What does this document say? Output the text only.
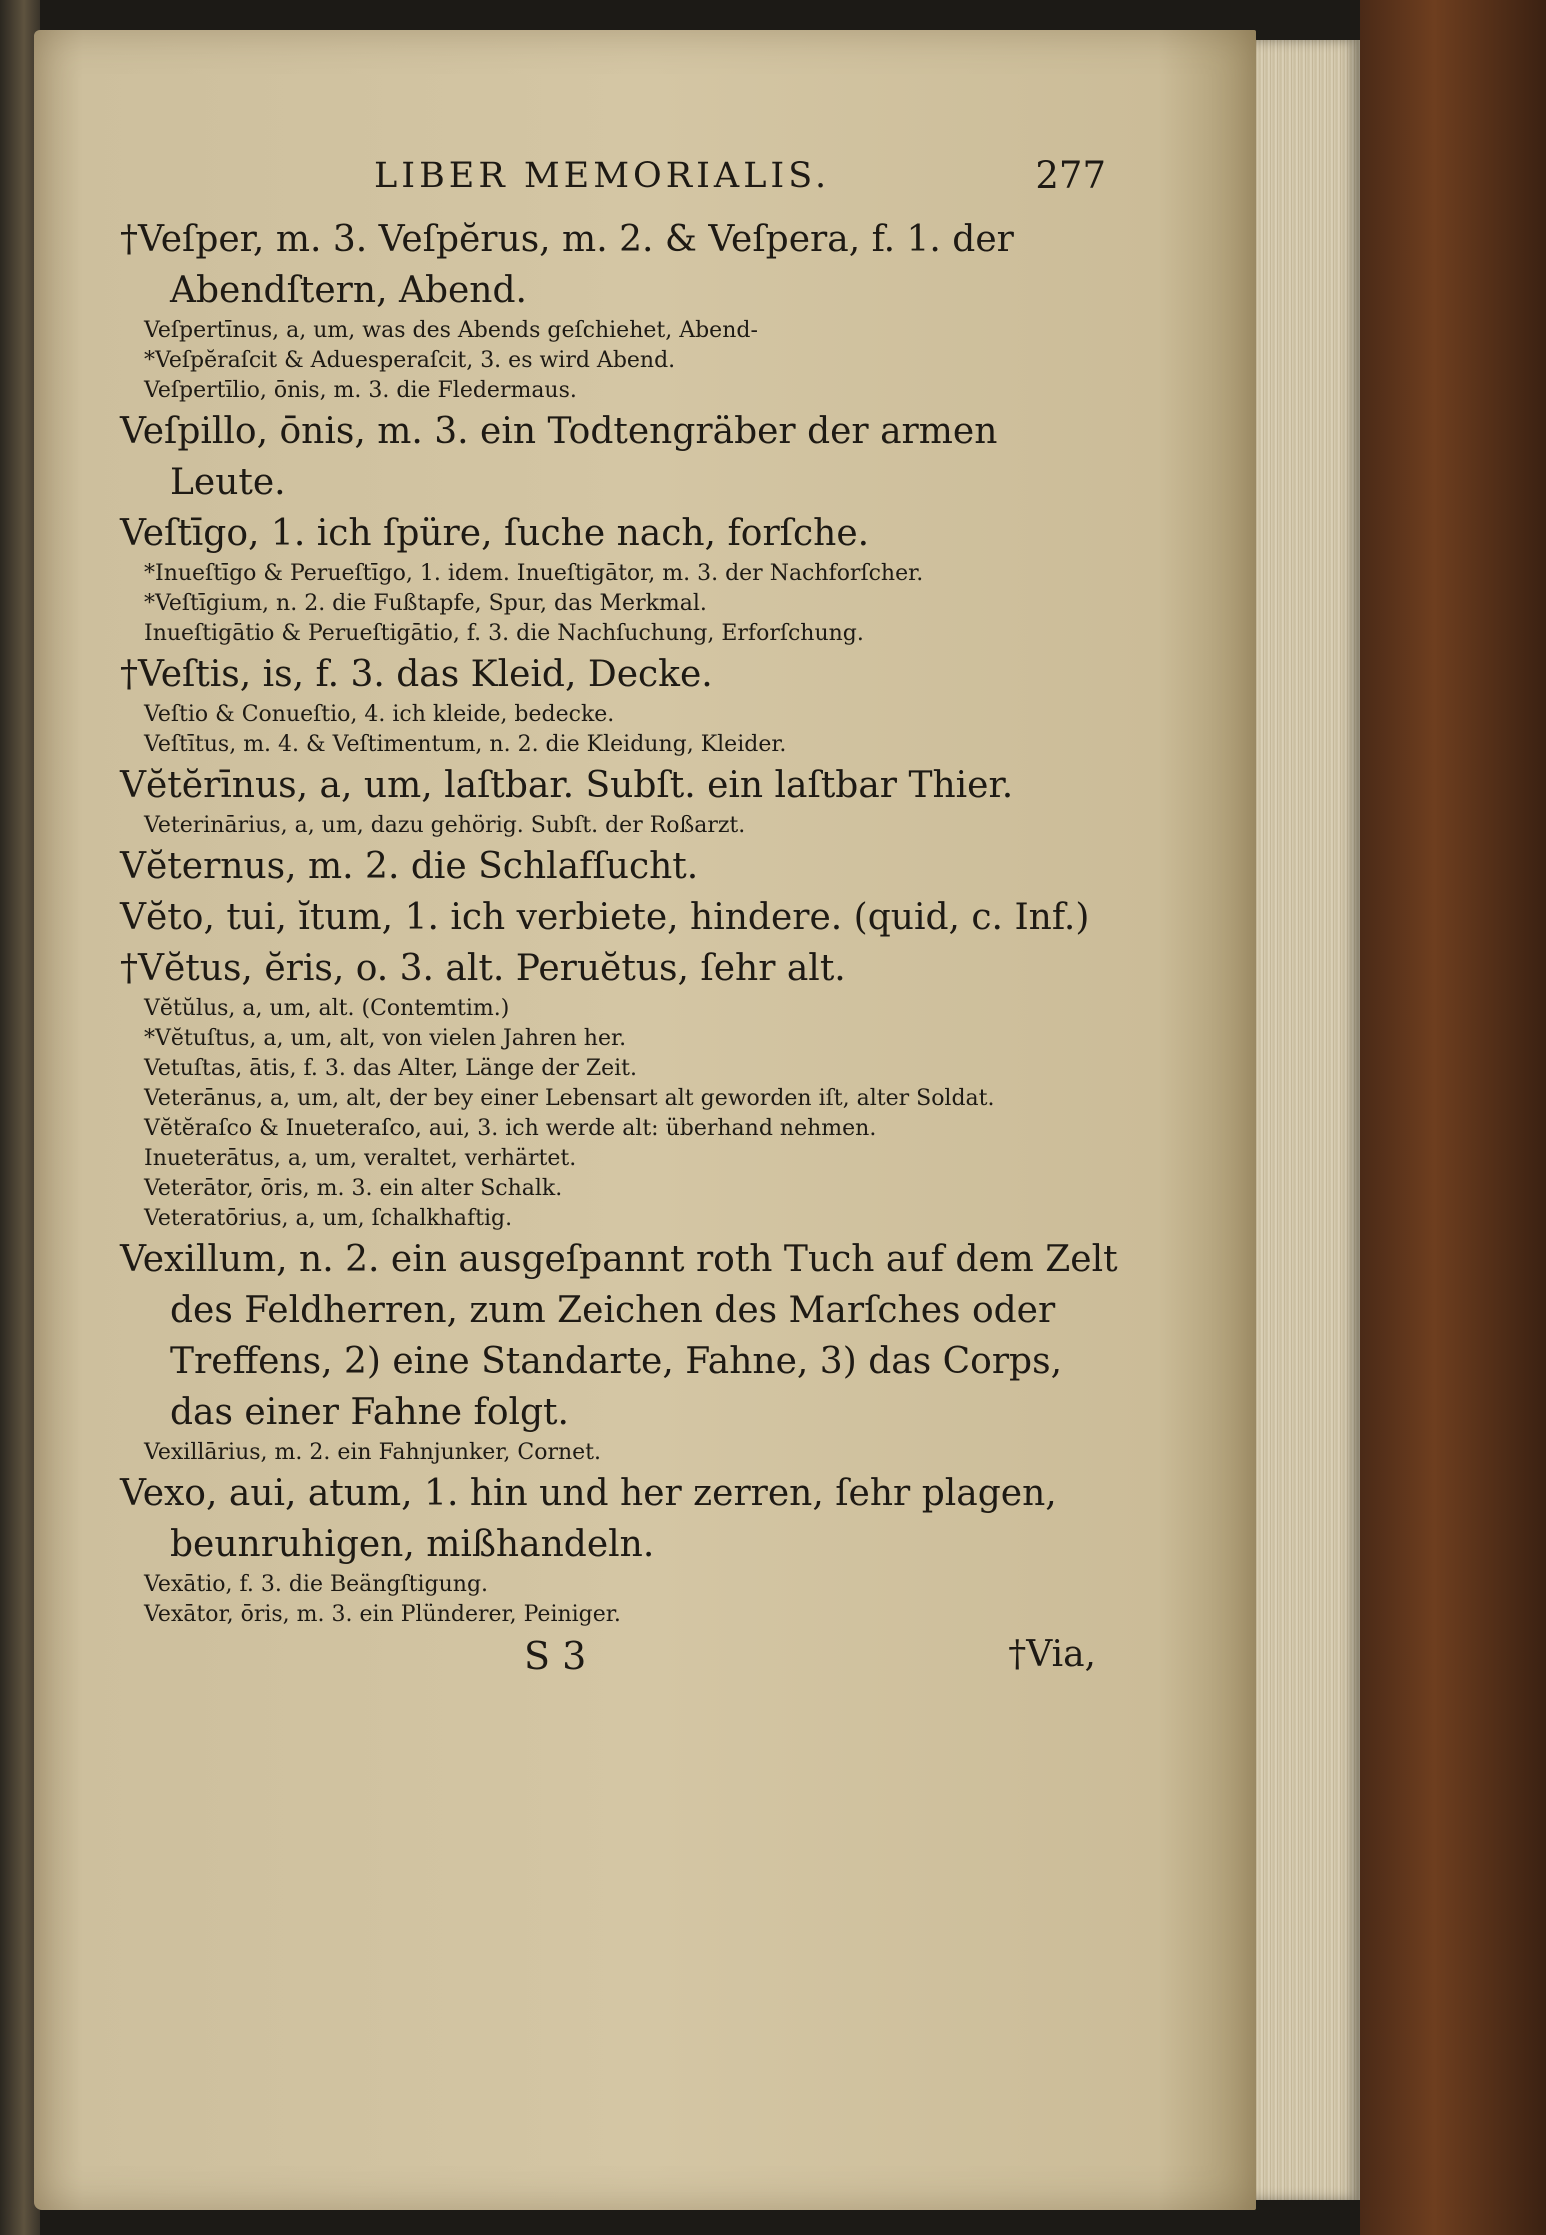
LIBER MEMORIALIS.	277

†Veſper, m. 3. Veſpĕrus, m. 2. & Veſpera, f. 1. der Abendſtern, Abend.

Veſpertīnus, a, um, was des Abends geſchiehet, Abend-

*Veſpĕraſcit & Aduesperaſcit, 3. es wird Abend.

Veſpertīlio, ōnis, m. 3. die Fledermaus.

Veſpillo, ōnis, m. 3. ein Todtengräber der armen Leute.

Veſtīgo, 1. ich ſpüre, ſuche nach, forſche.

*Inueſtīgo & Perueſtīgo, 1. idem. Inueſtigātor, m. 3. der Nachforſcher.

*Veſtīgium, n. 2. die Fußtapfe, Spur, das Merkmal.

Inueſtigātio & Perueſtigātio, f. 3. die Nachſuchung, Erforſchung.

†Veſtis, is, f. 3. das Kleid, Decke.

Veſtio & Conueſtio, 4. ich kleide, bedecke.

Veſtītus, m. 4. & Veſtimentum, n. 2. die Kleidung, Kleider.

Vĕtĕrīnus, a, um, laſtbar. Subſt. ein laſtbar Thier.

Veterinārius, a, um, dazu gehörig. Subſt. der Roßarzt.

Vĕternus, m. 2. die Schlafſucht.

Vĕto, tui, ĭtum, 1. ich verbiete, hindere. (quid, c. Inf.)

†Vĕtus, ĕris, o. 3. alt. Peruĕtus, ſehr alt.

Vĕtŭlus, a, um, alt. (Contemtim.)

*Vĕtuſtus, a, um, alt, von vielen Jahren her.

Vetuſtas, ātis, f. 3. das Alter, Länge der Zeit.

Veterānus, a, um, alt, der bey einer Lebensart alt geworden iſt, alter Soldat.

Vĕtĕraſco & Inueteraſco, aui, 3. ich werde alt: überhand nehmen.

Inueterātus, a, um, veraltet, verhärtet.

Veterātor, ōris, m. 3. ein alter Schalk.

Veteratōrius, a, um, ſchalkhaftig.

Vexillum, n. 2. ein ausgeſpannt roth Tuch auf dem Zelt des Feldherren, zum Zeichen des Marſches oder Treffens, 2) eine Standarte, Fahne, 3) das Corps, das einer Fahne folgt.

Vexillārius, m. 2. ein Fahnjunker, Cornet.

Vexo, aui, atum, 1. hin und her zerren, ſehr plagen, beunruhigen, mißhandeln.

Vexātio, f. 3. die Beängſtigung.

Vexātor, ōris, m. 3. ein Plünderer, Peiniger.

S 3	†Via,
